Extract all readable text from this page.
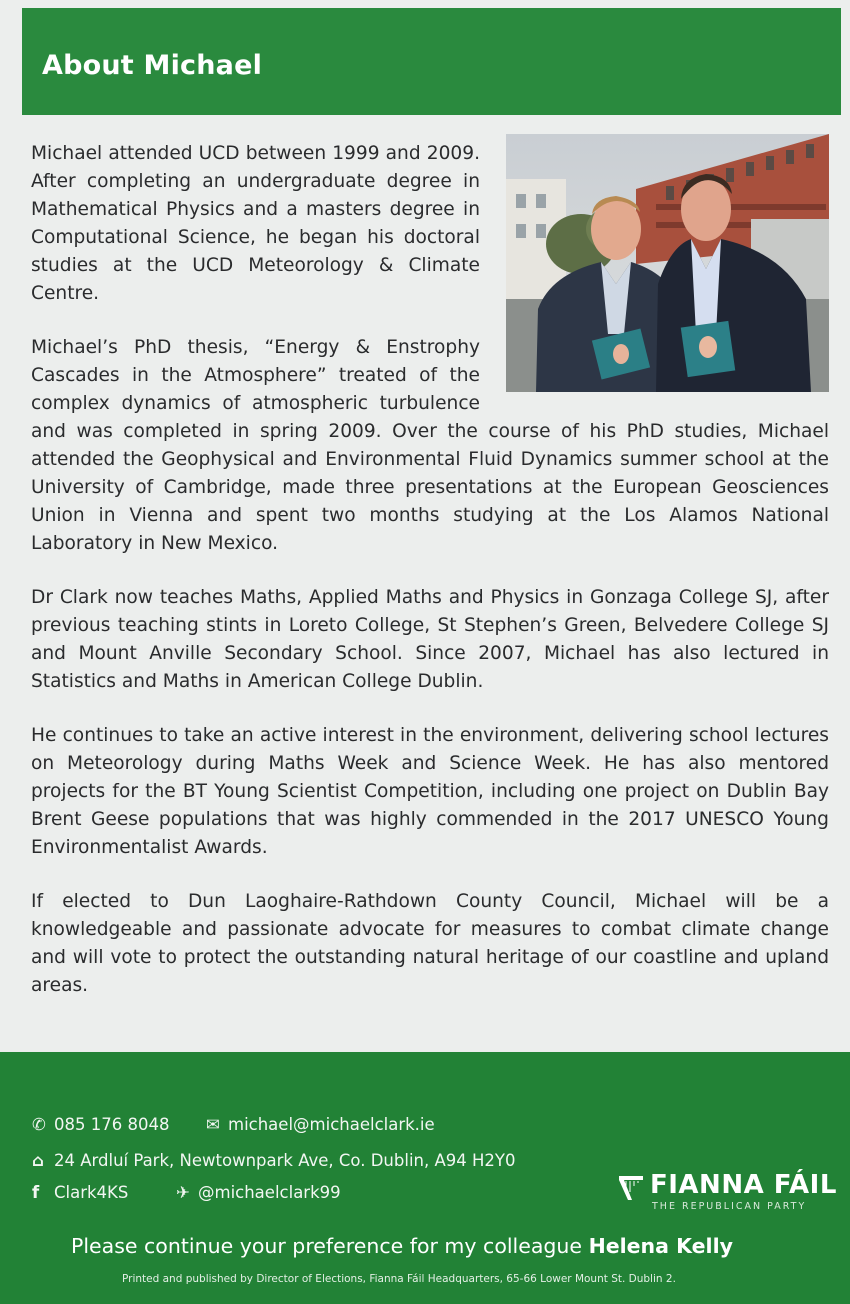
About Michael

Michael attended UCD between 1999 and 2009. After completing an undergraduate degree in Mathematical Physics and a masters degree in Computational Science, he began his doctoral studies at the UCD Meteorology & Climate Centre.

Michael’s PhD thesis, “Energy & Enstrophy Cascades in the Atmosphere” treated of the complex dynamics of atmospheric turbulence and was completed in spring 2009. Over the course of his PhD studies, Michael attended the Geophysical and Environmental Fluid Dynamics summer school at the University of Cambridge, made three presentations at the European Geosciences Union in Vienna and spent two months studying at the Los Alamos National Laboratory in New Mexico.

Dr Clark now teaches Maths, Applied Maths and Physics in Gonzaga College SJ, after previous teaching stints in Loreto College, St Stephen’s Green, Belvedere College SJ and Mount Anville Secondary School. Since 2007, Michael has also lectured in Statistics and Maths in American College Dublin.

He continues to take an active interest in the environment, delivering school lectures on Meteorology during Maths Week and Science Week. He has also mentored projects for the BT Young Scientist Competition, including one project on Dublin Bay Brent Geese populations that was highly commended in the 2017 UNESCO Young Environmentalist Awards.

If elected to Dun Laoghaire-Rathdown County Council, Michael will be a knowledgeable and passionate advocate for measures to combat climate change and will vote to protect the outstanding natural heritage of our coastline and upland areas.

✆ 085 176 8048 ✉ michael@michaelclark.ie
⌂ 24 Ardluí Park, Newtownpark Ave, Co. Dublin, A94 H2Y0
f Clark4KS	✈ @michaelclark99	FIANNA FÁIL
THE REPUBLICAN PARTY
Please continue your preference for my colleague Helena Kelly
Printed and published by Director of Elections, Fianna Fáil Headquarters, 65-66 Lower Mount St. Dublin 2.
